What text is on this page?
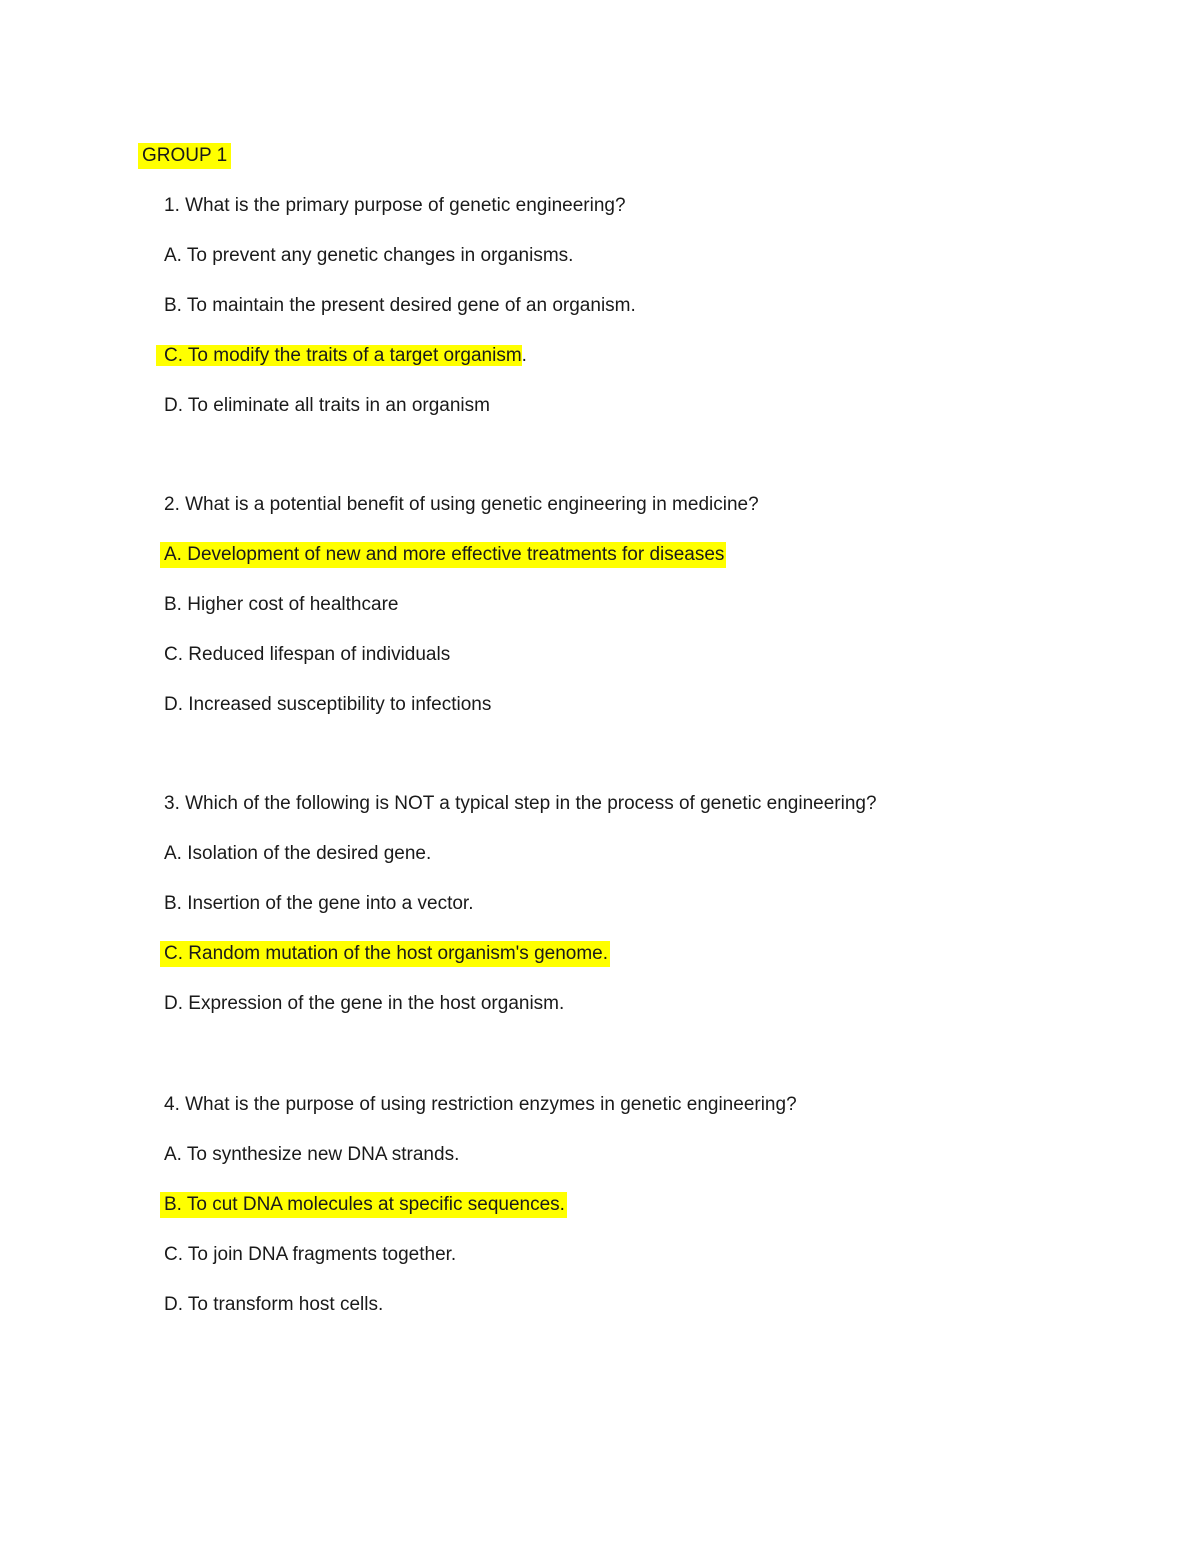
GROUP 1
1. What is the primary purpose of genetic engineering?
A. To prevent any genetic changes in organisms.
B. To maintain the present desired gene of an organism.
C. To modify the traits of a target organism.
D. To eliminate all traits in an organism
2. What is a potential benefit of using genetic engineering in medicine?
A. Development of new and more effective treatments for diseases
B. Higher cost of healthcare
C. Reduced lifespan of individuals
D. Increased susceptibility to infections
3. Which of the following is NOT a typical step in the process of genetic engineering?
A. Isolation of the desired gene.
B. Insertion of the gene into a vector.
C. Random mutation of the host organism's genome.
D. Expression of the gene in the host organism.
4. What is the purpose of using restriction enzymes in genetic engineering?
A. To synthesize new DNA strands.
B. To cut DNA molecules at specific sequences.
C. To join DNA fragments together.
D. To transform host cells.
